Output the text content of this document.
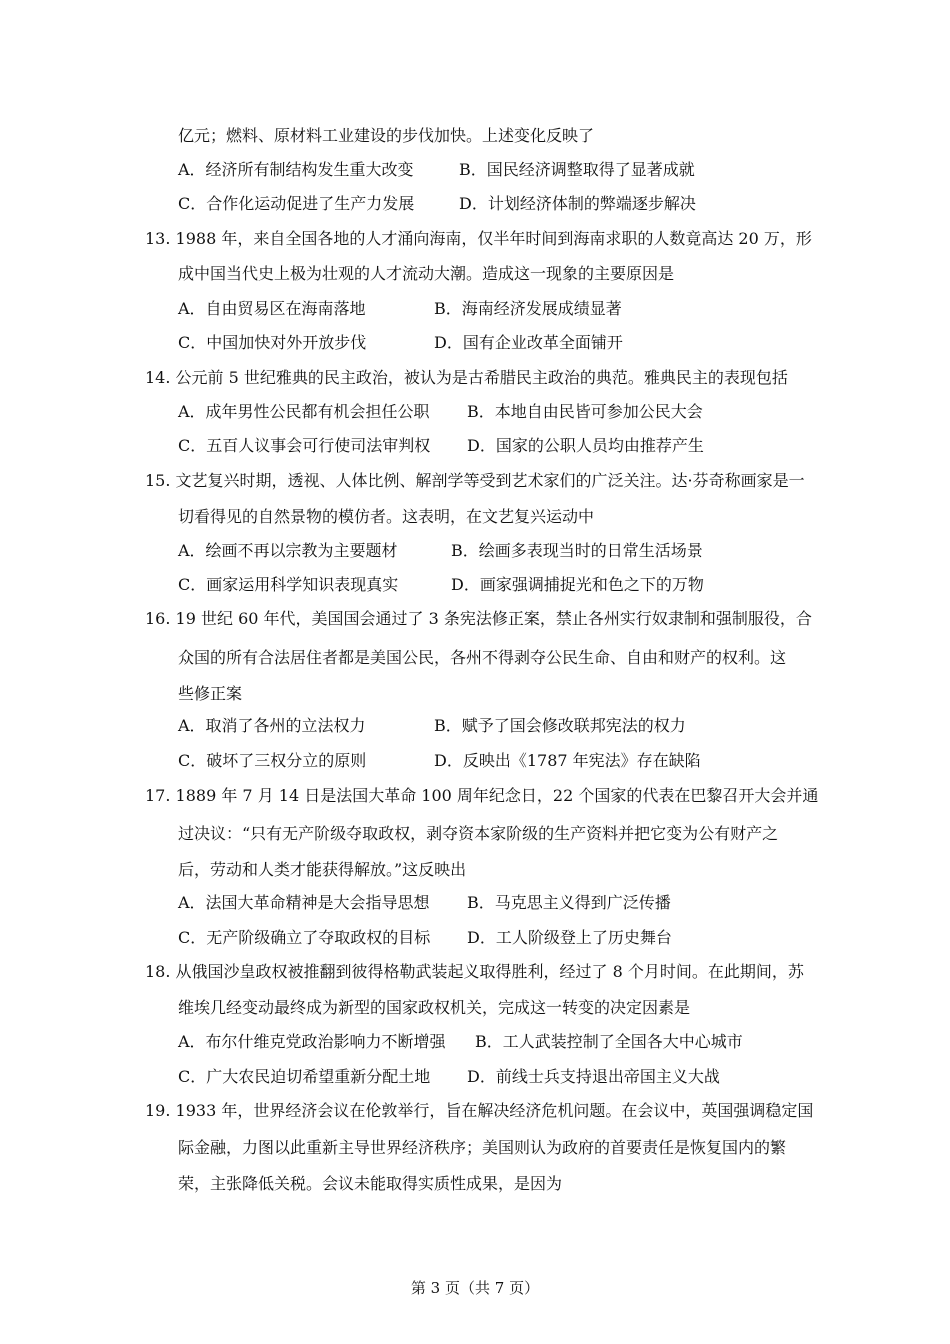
亿元；燃料、原材料工业建设的步伐加快。上述变化反映了
A．经济所有制结构发生重大改变	B．国民经济调整取得了显著成就
C．合作化运动促进了生产力发展	D．计划经济体制的弊端逐步解决
13. 1988 年，来自全国各地的人才涌向海南，仅半年时间到海南求职的人数竟高达 20 万，形
成中国当代史上极为壮观的人才流动大潮。造成这一现象的主要原因是
A．自由贸易区在海南落地	B．海南经济发展成绩显著
C．中国加快对外开放步伐	D．国有企业改革全面铺开
14. 公元前 5 世纪雅典的民主政治，被认为是古希腊民主政治的典范。雅典民主的表现包括
A．成年男性公民都有机会担任公职 B．本地自由民皆可参加公民大会
C．五百人议事会可行使司法审判权 D．国家的公职人员均由推荐产生
15. 文艺复兴时期，透视、人体比例、解剖学等受到艺术家们的广泛关注。达·芬奇称画家是一
切看得见的自然景物的模仿者。这表明，在文艺复兴运动中
A．绘画不再以宗教为主要题材	B．绘画多表现当时的日常生活场景
C．画家运用科学知识表现真实	D．画家强调捕捉光和色之下的万物
16. 19 世纪 60 年代，美国国会通过了 3 条宪法修正案，禁止各州实行奴隶制和强制服役，合
众国的所有合法居住者都是美国公民，各州不得剥夺公民生命、自由和财产的权利。这
些修正案
A．取消了各州的立法权力	B．赋予了国会修改联邦宪法的权力
C．破坏了三权分立的原则	D．反映出《1787 年宪法》存在缺陷
17. 1889 年 7 月 14 日是法国大革命 100 周年纪念日，22 个国家的代表在巴黎召开大会并通
过决议：“只有无产阶级夺取政权，剥夺资本家阶级的生产资料并把它变为公有财产之
后，劳动和人类才能获得解放。”这反映出
A．法国大革命精神是大会指导思想 B．马克思主义得到广泛传播
C．无产阶级确立了夺取政权的目标 D．工人阶级登上了历史舞台
18. 从俄国沙皇政权被推翻到彼得格勒武装起义取得胜利，经过了 8 个月时间。在此期间，苏
维埃几经变动最终成为新型的国家政权机关，完成这一转变的决定因素是
A．布尔什维克党政治影响力不断增强 B．工人武装控制了全国各大中心城市
C．广大农民迫切希望重新分配土地 D．前线士兵支持退出帝国主义大战
19. 1933 年，世界经济会议在伦敦举行，旨在解决经济危机问题。在会议中，英国强调稳定国
际金融，力图以此重新主导世界经济秩序；美国则认为政府的首要责任是恢复国内的繁
荣，主张降低关税。会议未能取得实质性成果，是因为
第 3 页（共 7 页）
